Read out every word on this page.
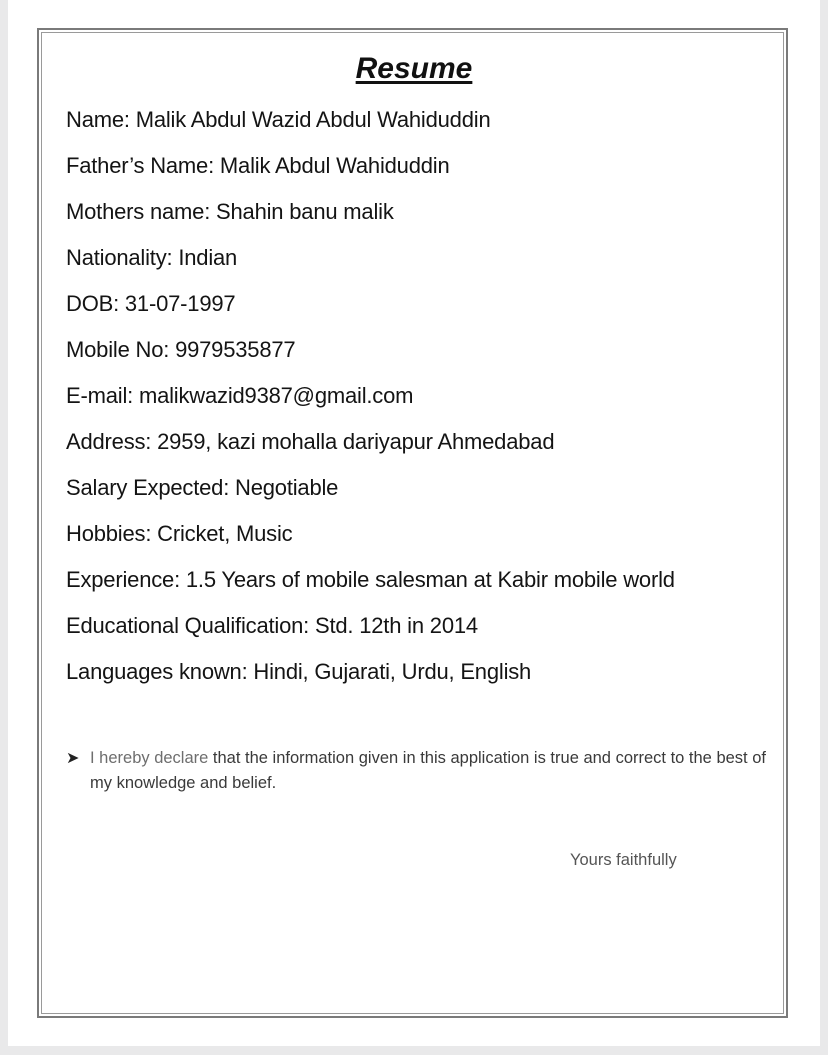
Resume
Name: Malik Abdul Wazid Abdul Wahiduddin
Father’s Name: Malik Abdul Wahiduddin
Mothers name: Shahin banu malik
Nationality: Indian
DOB: 31-07-1997
Mobile No: 9979535877
E-mail: malikwazid9387@gmail.com
Address: 2959, kazi mohalla dariyapur Ahmedabad
Salary Expected: Negotiable
Hobbies: Cricket, Music
Experience: 1.5 Years of mobile salesman at Kabir mobile world
Educational Qualification: Std. 12th in 2014
Languages known: Hindi, Gujarati, Urdu, English
➤ I hereby declare that the information given in this application is true and correct to the best of my knowledge and belief.
Yours faithfully
